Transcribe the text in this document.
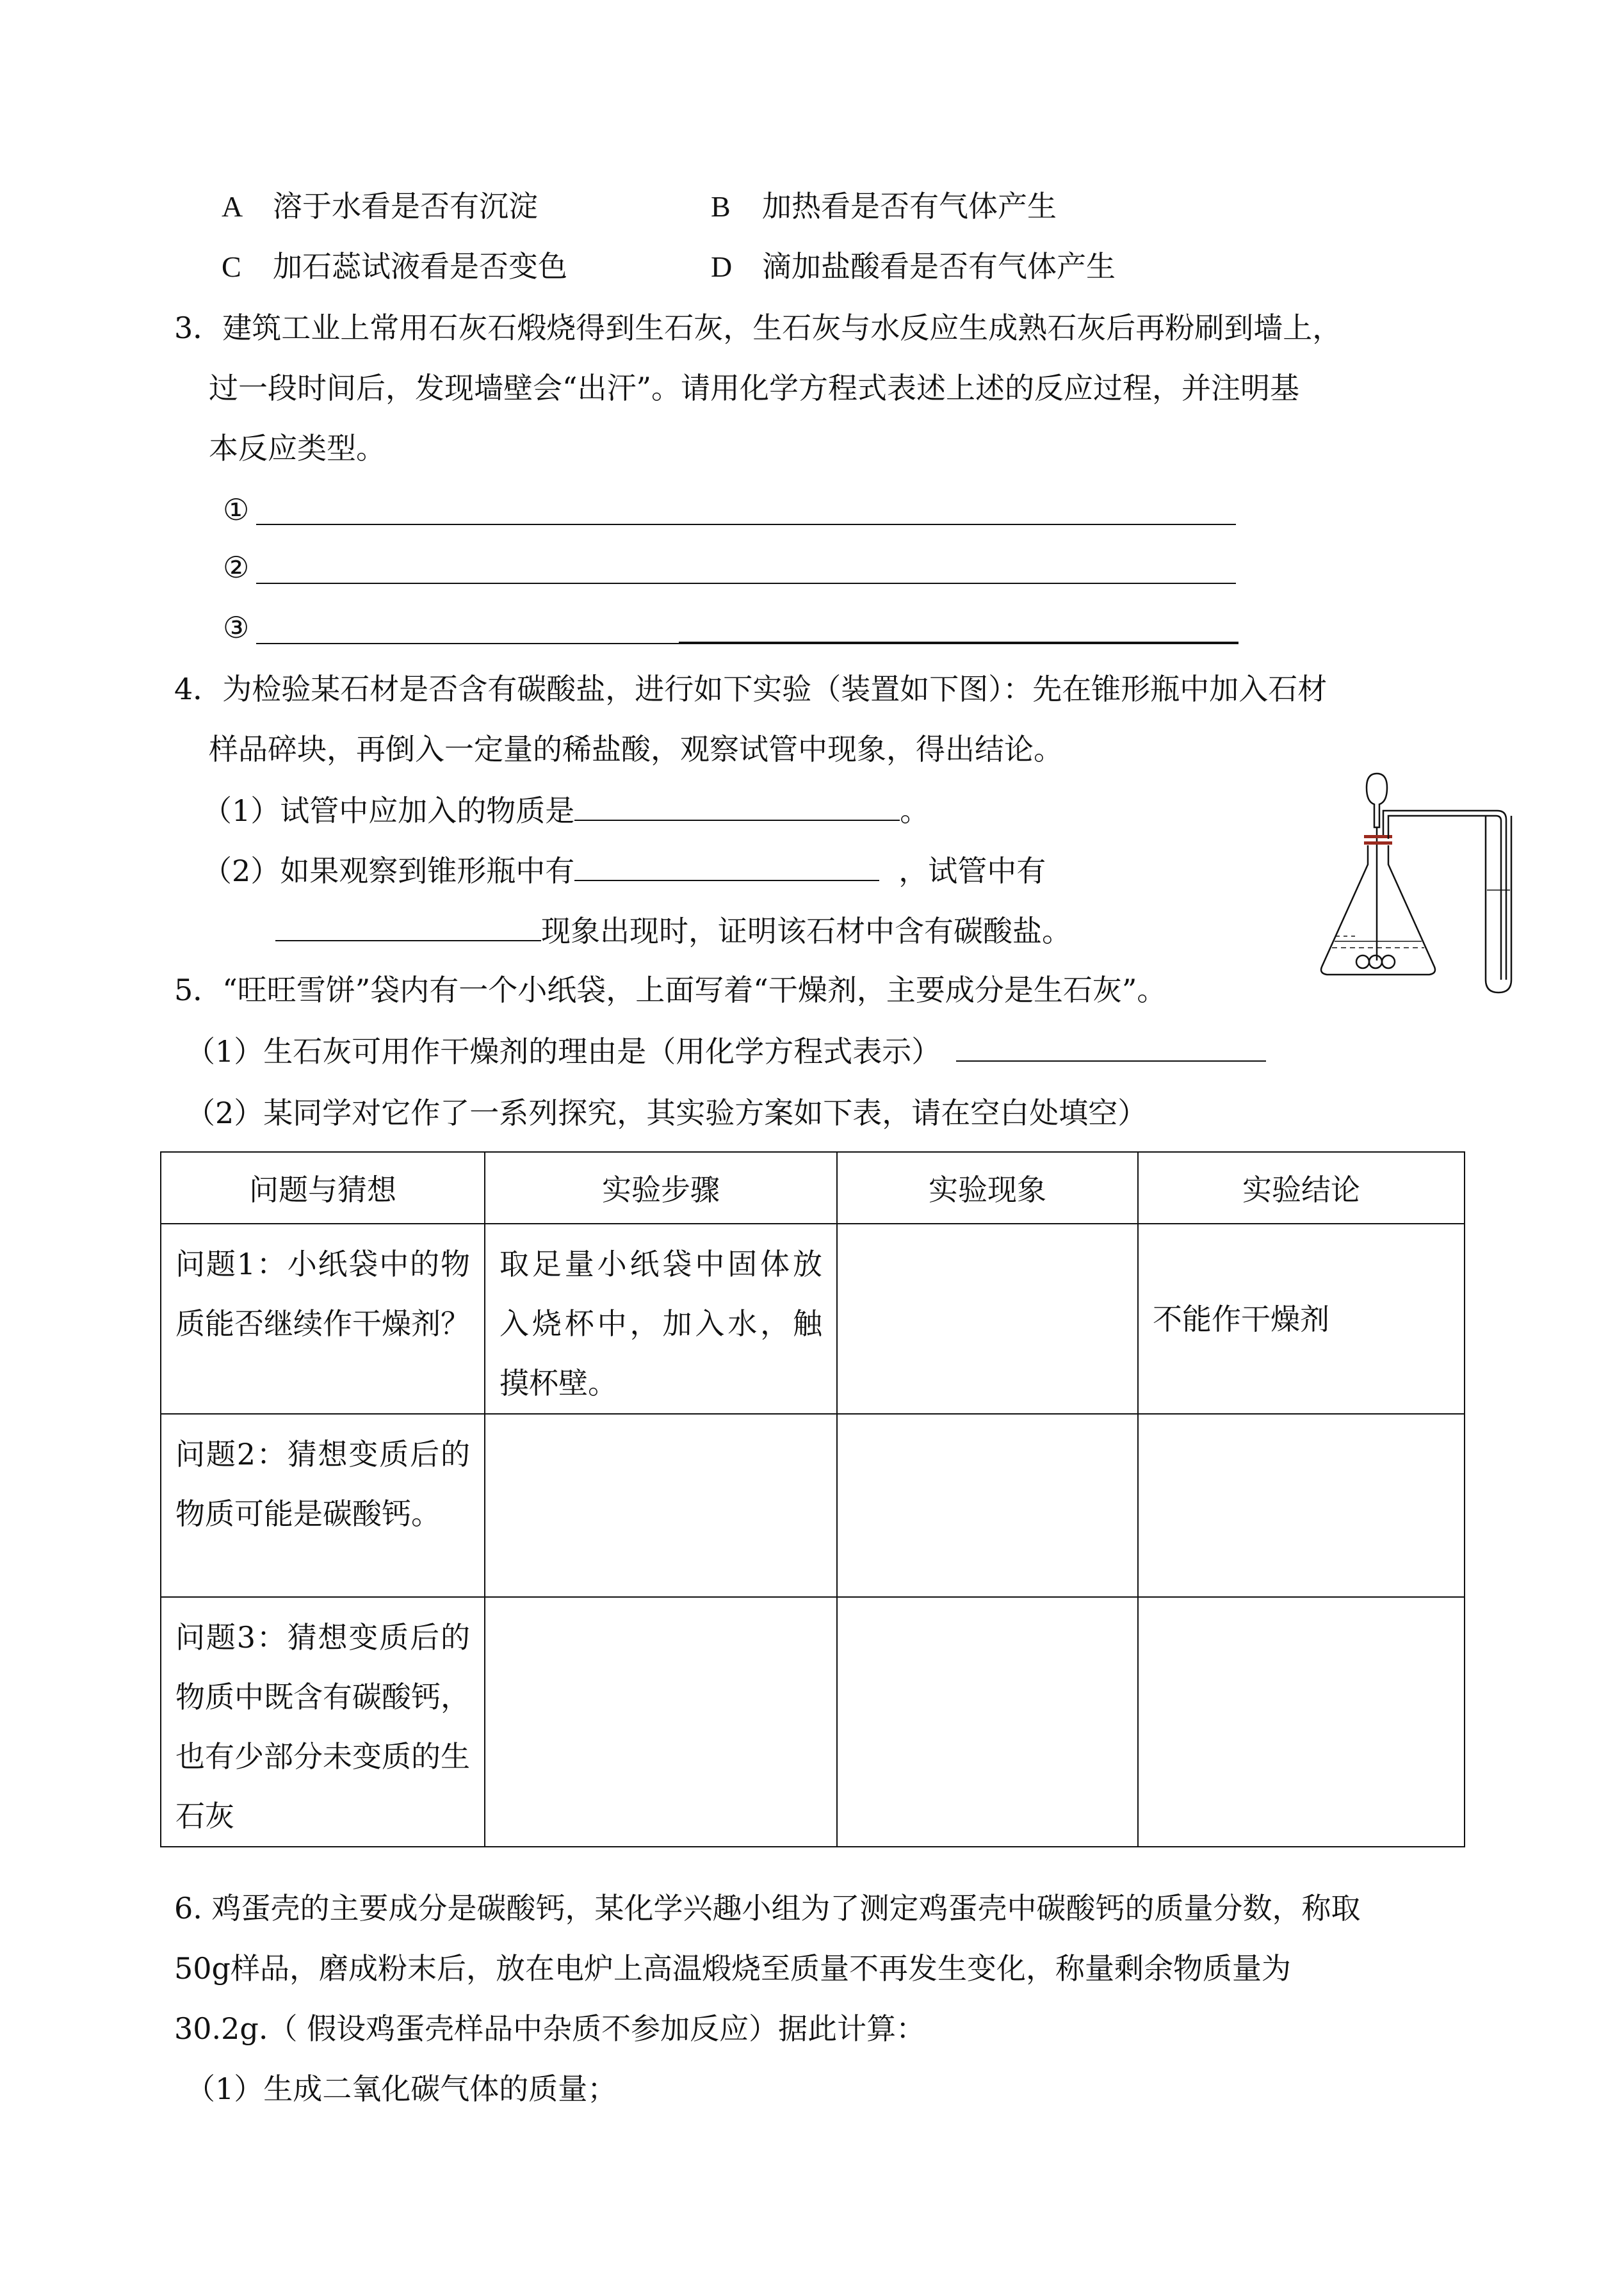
A 溶于水看是否有沉淀	B 加热看是否有气体产生
C 加石蕊试液看是否变色	D 滴加盐酸看是否有气体产生
3．建筑工业上常用石灰石煅烧得到生石灰，生石灰与水反应生成熟石灰后再粉刷到墙上，
过一段时间后，发现墙壁会“出汗”。请用化学方程式表述上述的反应过程，并注明基
本反应类型。
①
②
③
4．为检验某石材是否含有碳酸盐，进行如下实验（装置如下图）：先在锥形瓶中加入石材
样品碎块，再倒入一定量的稀盐酸，观察试管中现象，得出结论。
（1）试管中应加入的物质是	。
（2）如果观察到锥形瓶中有	，试管中有
现象出现时，证明该石材中含有碳酸盐。
5．“旺旺雪饼”袋内有一个小纸袋，上面写着“干燥剂，主要成分是生石灰”。
（1）生石灰可用作干燥剂的理由是（用化学方程式表示）
（2）某同学对它作了一系列探究，其实验方案如下表，请在空白处填空）
问题与猜想	实验步骤	实验现象	实验结论

问题1：小纸袋中的物质能否继续作干燥剂？	取足量小纸袋中固体放入烧杯中，加入水，触摸杯壁。		不能作干燥剂

问题2：猜想变质后的物质可能是碳酸钙。			

问题3：猜想变质后的物质中既含有碳酸钙，也有少部分未变质的生石灰			

6. 鸡蛋壳的主要成分是碳酸钙，某化学兴趣小组为了测定鸡蛋壳中碳酸钙的质量分数，称取
50g样品，磨成粉末后，放在电炉上高温煅烧至质量不再发生变化，称量剩余物质量为
30.2g.（ 假设鸡蛋壳样品中杂质不参加反应）据此计算：
（1）生成二氧化碳气体的质量；
